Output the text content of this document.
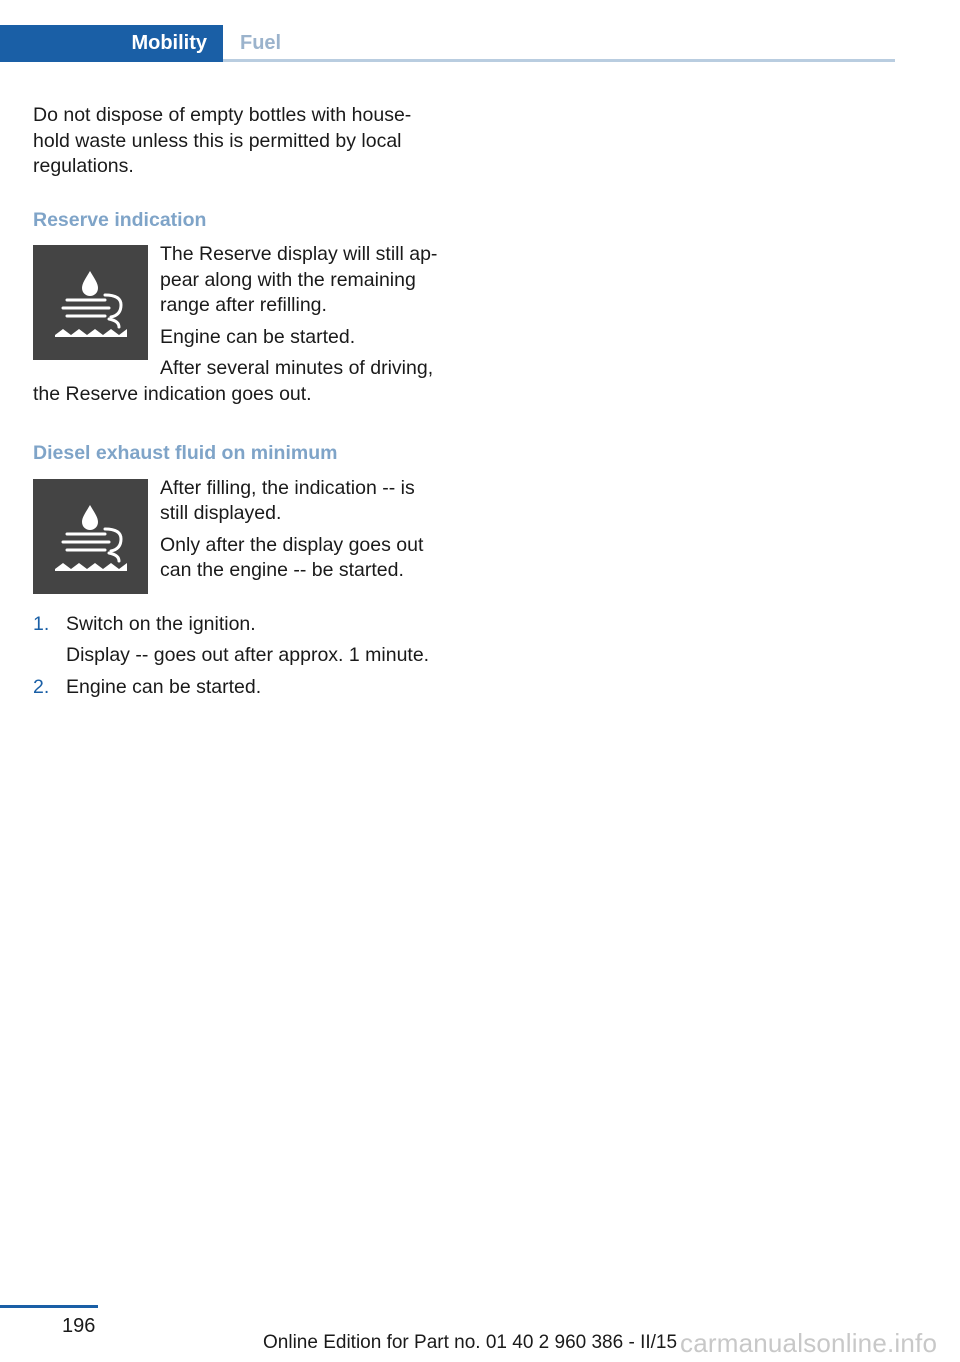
Mobility Fuel

Do not dispose of empty bottles with house-hold waste unless this is permitted by local regulations.

Reserve indication

The Reserve display will still ap-pear along with the remaining range after refilling.

Engine can be started.

After several minutes of driving, the Reserve indication goes out.

Diesel exhaust fluid on minimum

After filling, the indication -- is still displayed.

Only after the display goes out can the engine -- be started.

1. Switch on the ignition.
Display -- goes out after approx. 1 minute.
2. Engine can be started.
196
Online Edition for Part no. 01 40 2 960 386 - II/15 carmanualsonline.info
